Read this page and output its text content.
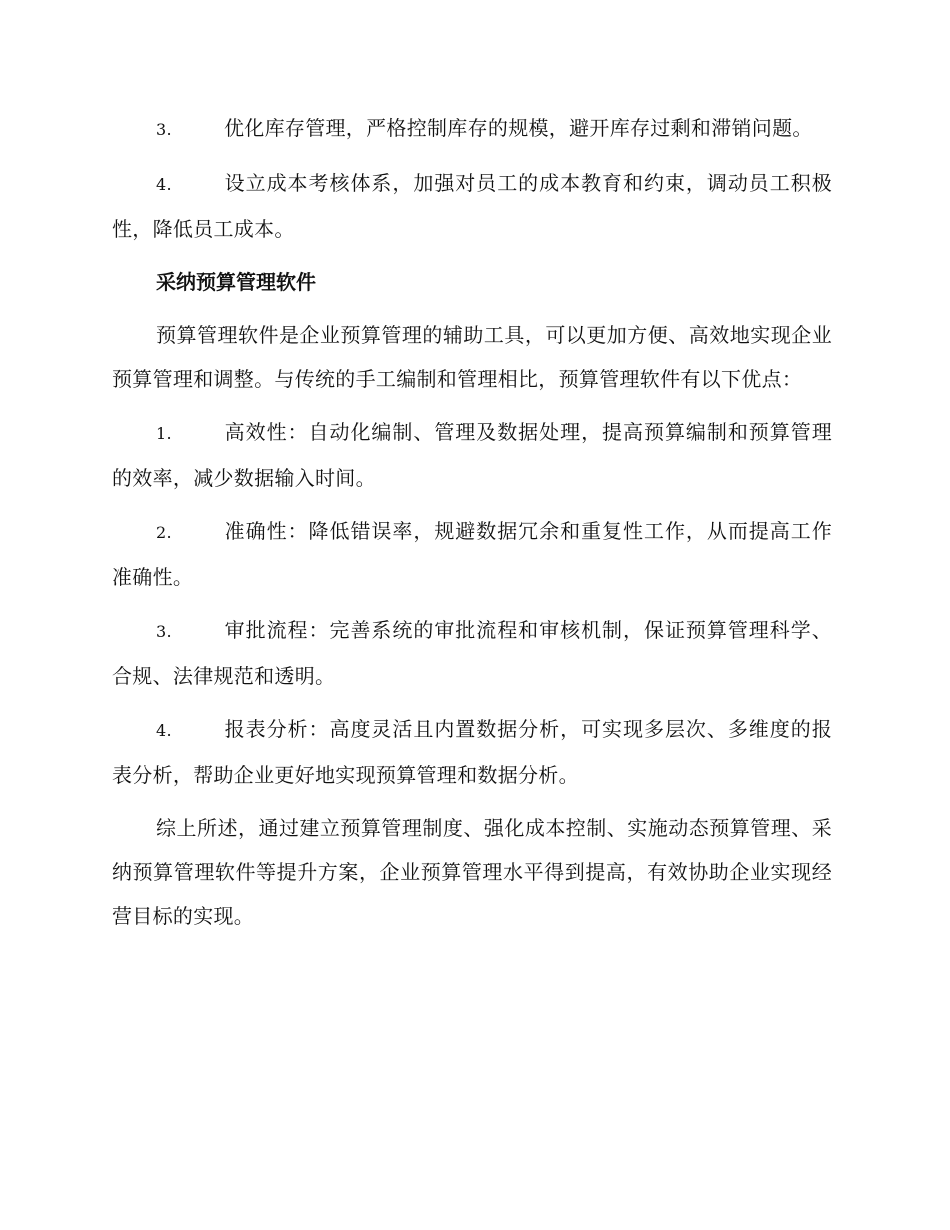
3.	优化库存管理，严格控制库存的规模，避开库存过剩和滞销问题。

4.	设立成本考核体系，加强对员工的成本教育和约束，调动员工积极性，降低员工成本。

采纳预算管理软件

预算管理软件是企业预算管理的辅助工具，可以更加方便、高效地实现企业预算管理和调整。与传统的手工编制和管理相比，预算管理软件有以下优点：

1.	高效性：自动化编制、管理及数据处理，提高预算编制和预算管理的效率，减少数据输入时间。

2.	准确性：降低错误率，规避数据冗余和重复性工作，从而提高工作准确性。

3.	审批流程：完善系统的审批流程和审核机制，保证预算管理科学、合规、法律规范和透明。

4.	报表分析：高度灵活且内置数据分析，可实现多层次、多维度的报表分析，帮助企业更好地实现预算管理和数据分析。

综上所述，通过建立预算管理制度、强化成本控制、实施动态预算管理、采纳预算管理软件等提升方案，企业预算管理水平得到提高，有效协助企业实现经营目标的实现。
